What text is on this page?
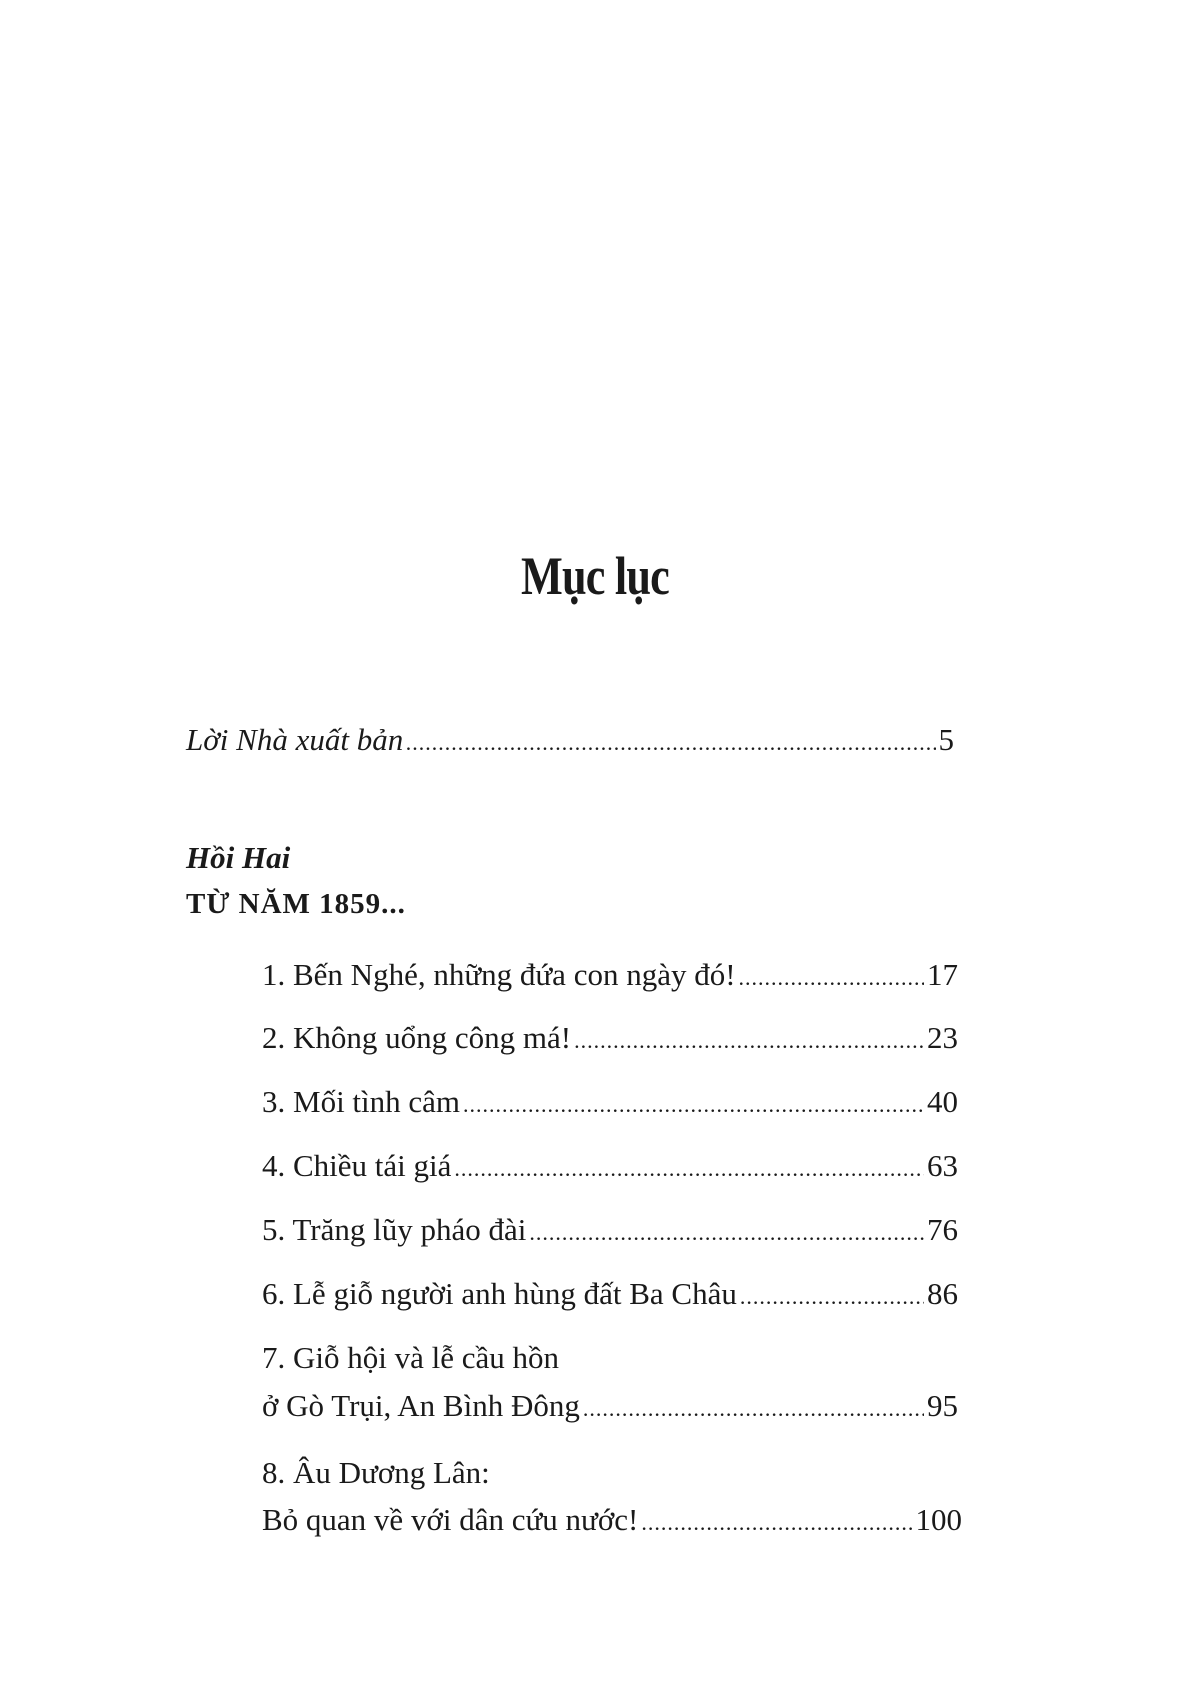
Mục lục
Lời Nhà xuất bản .....	5
Hồi Hai
TỪ NĂM 1859...
1. Bến Nghé, những đứa con ngày đó! .....	17
2. Không uổng công má! .....	23
3. Mối tình câm .....	40
4. Chiều tái giá .....	63
5. Trăng lũy pháo đài .....	76
6. Lễ giỗ người anh hùng đất Ba Châu .....	86
7. Giỗ hội và lễ cầu hồn
ở Gò Trụi, An Bình Đông .....	95
8. Âu Dương Lân:
Bỏ quan về với dân cứu nước! .....	100
